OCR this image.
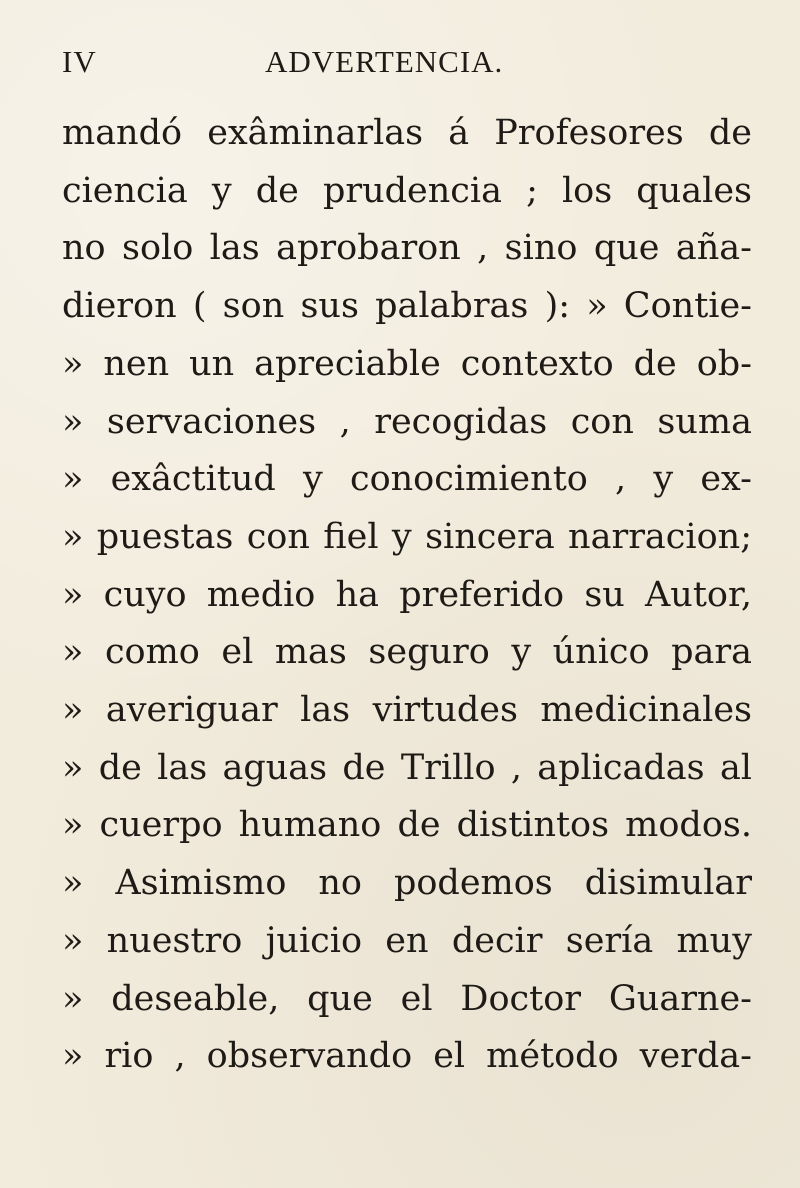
IV	ADVERTENCIA.
mandó exâminarlas á Profesores de
ciencia y de prudencia ; los quales
no solo las aprobaron , sino que aña-
dieron ( son sus palabras ): » Contie-
» nen un apreciable contexto de ob-
» servaciones , recogidas con suma
» exâctitud y conocimiento , y ex-
» puestas con fiel y sincera narracion;
» cuyo medio ha preferido su Autor,
» como el mas seguro y único para
» averiguar las virtudes medicinales
» de las aguas de Trillo , aplicadas al
» cuerpo humano de distintos modos.
» Asimismo no podemos disimular
» nuestro juicio en decir sería muy
» deseable, que el Doctor Guarne-
» rio , observando el método verda-
